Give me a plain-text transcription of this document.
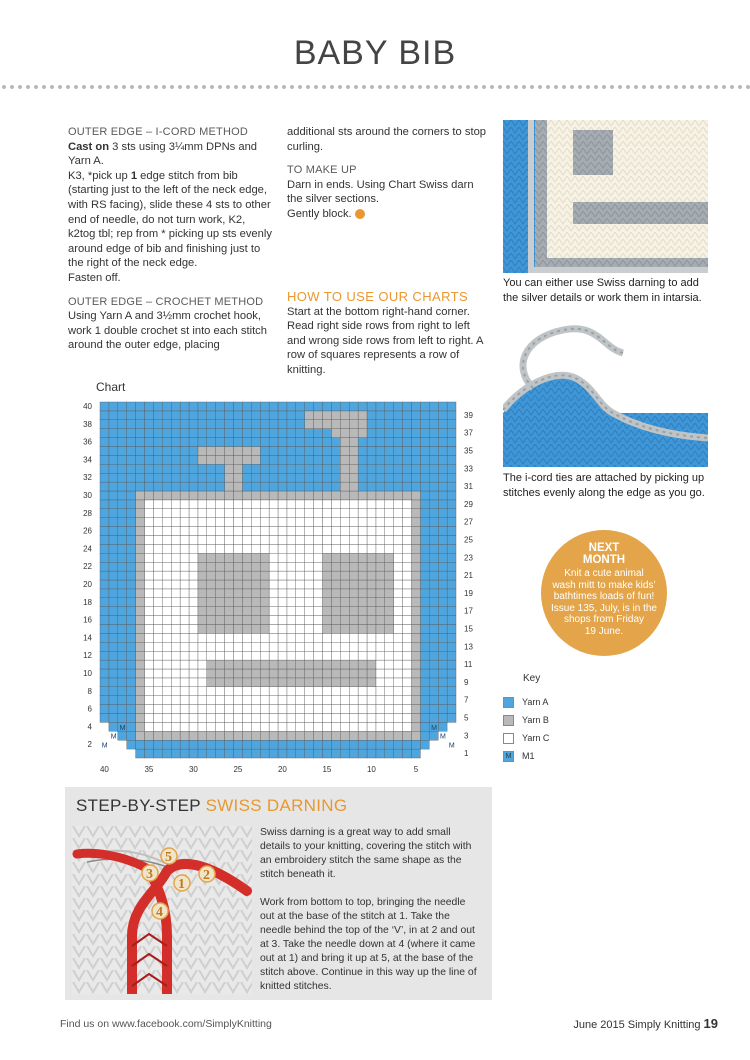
BABY BIB

OUTER EDGE – I-CORD METHOD

Cast on 3 sts using 3¼mm DPNs and Yarn A.

K3, *pick up 1 edge stitch from bib (starting just to the left of the neck edge, with RS facing), slide these 4 sts to other end of needle, do not turn work, K2, k2tog tbl; rep from * picking up sts evenly around edge of bib and finishing just to the right of the neck edge.

Fasten off.

OUTER EDGE – CROCHET METHOD

Using Yarn A and 3½mm crochet hook, work 1 double crochet st into each stitch around the outer edge, placing

additional sts around the corners to stop curling.

TO MAKE UP

Darn in ends. Using Chart Swiss darn the silver sections.

Gently block.

HOW TO USE OUR CHARTS

Start at the bottom right-hand corner. Read right side rows from right to left and wrong side rows from left to right. A row of squares represents a row of knitting.

You can either use Swiss darning to add the silver details or work them in intarsia.
The i-cord ties are attached by picking up stitches evenly along the edge as you go.
NEXT
MONTH
Knit a cute animal
wash mitt to make kids’
bathtimes loads of fun!
Issue 135, July, is in the
shops from Friday
19 June.
Key
Yarn A
Yarn B
Yarn C
M M1
Chart
M	M
M	M
M	M
40
38
36
34
32
30
28
26
24
22
20
18
16
14
12
10
8
6
4
2
39
37
35
33
31
29
27
25
23
21
19
17
15
13
11
9
7
5
3
1
40	35	30	25	20	15	10	5
STEP-BY-STEP SWISS DARNING
1
2
3
4
5

Swiss darning is a great way to add small details to your knitting, covering the stitch with an embroidery stitch the same shape as the stitch beneath it.

Work from bottom to top, bringing the needle out at the base of the stitch at 1. Take the needle behind the top of the ‘V’, in at 2 and out at 3. Take the needle down at 4 (where it came out at 1) and bring it up at 5, at the base of the stitch above. Continue in this way up the line of knitted stitches.

Find us on www.facebook.com/SimplyKnitting	June 2015 Simply Knitting 19
